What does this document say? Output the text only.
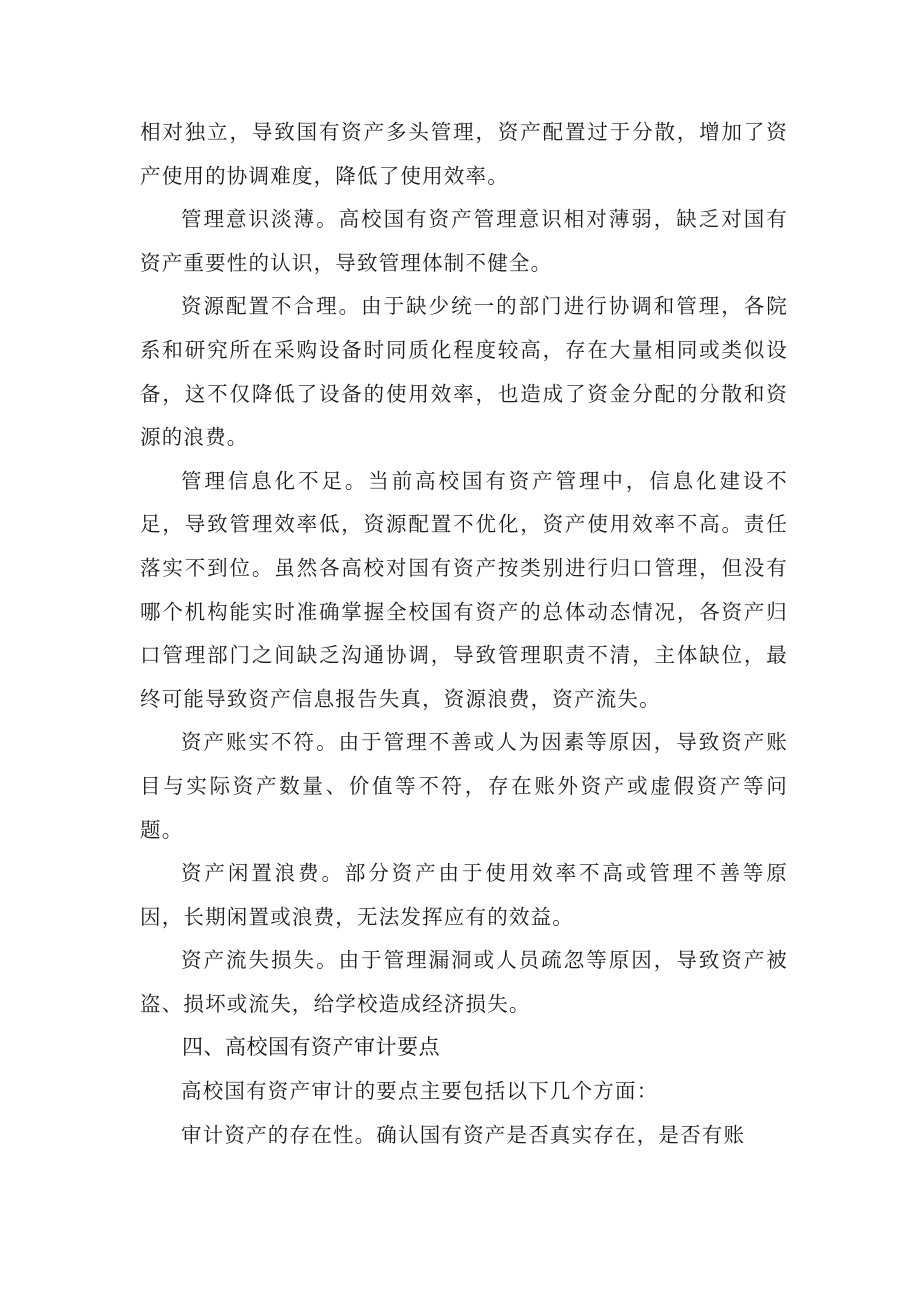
相对独立，导致国有资产多头管理，资产配置过于分散，增加了资产使用的协调难度，降低了使用效率。

管理意识淡薄。高校国有资产管理意识相对薄弱，缺乏对国有资产重要性的认识，导致管理体制不健全。

资源配置不合理。由于缺少统一的部门进行协调和管理，各院系和研究所在采购设备时同质化程度较高，存在大量相同或类似设备，这不仅降低了设备的使用效率，也造成了资金分配的分散和资源的浪费。

管理信息化不足。当前高校国有资产管理中，信息化建设不足，导致管理效率低，资源配置不优化，资产使用效率不高。责任落实不到位。虽然各高校对国有资产按类别进行归口管理，但没有哪个机构能实时准确掌握全校国有资产的总体动态情况，各资产归口管理部门之间缺乏沟通协调，导致管理职责不清，主体缺位，最终可能导致资产信息报告失真，资源浪费，资产流失。

资产账实不符。由于管理不善或人为因素等原因，导致资产账目与实际资产数量、价值等不符，存在账外资产或虚假资产等问题。

资产闲置浪费。部分资产由于使用效率不高或管理不善等原因，长期闲置或浪费，无法发挥应有的效益。

资产流失损失。由于管理漏洞或人员疏忽等原因，导致资产被盗、损坏或流失，给学校造成经济损失。

四、高校国有资产审计要点

高校国有资产审计的要点主要包括以下几个方面：

审计资产的存在性。确认国有资产是否真实存在，是否有账
